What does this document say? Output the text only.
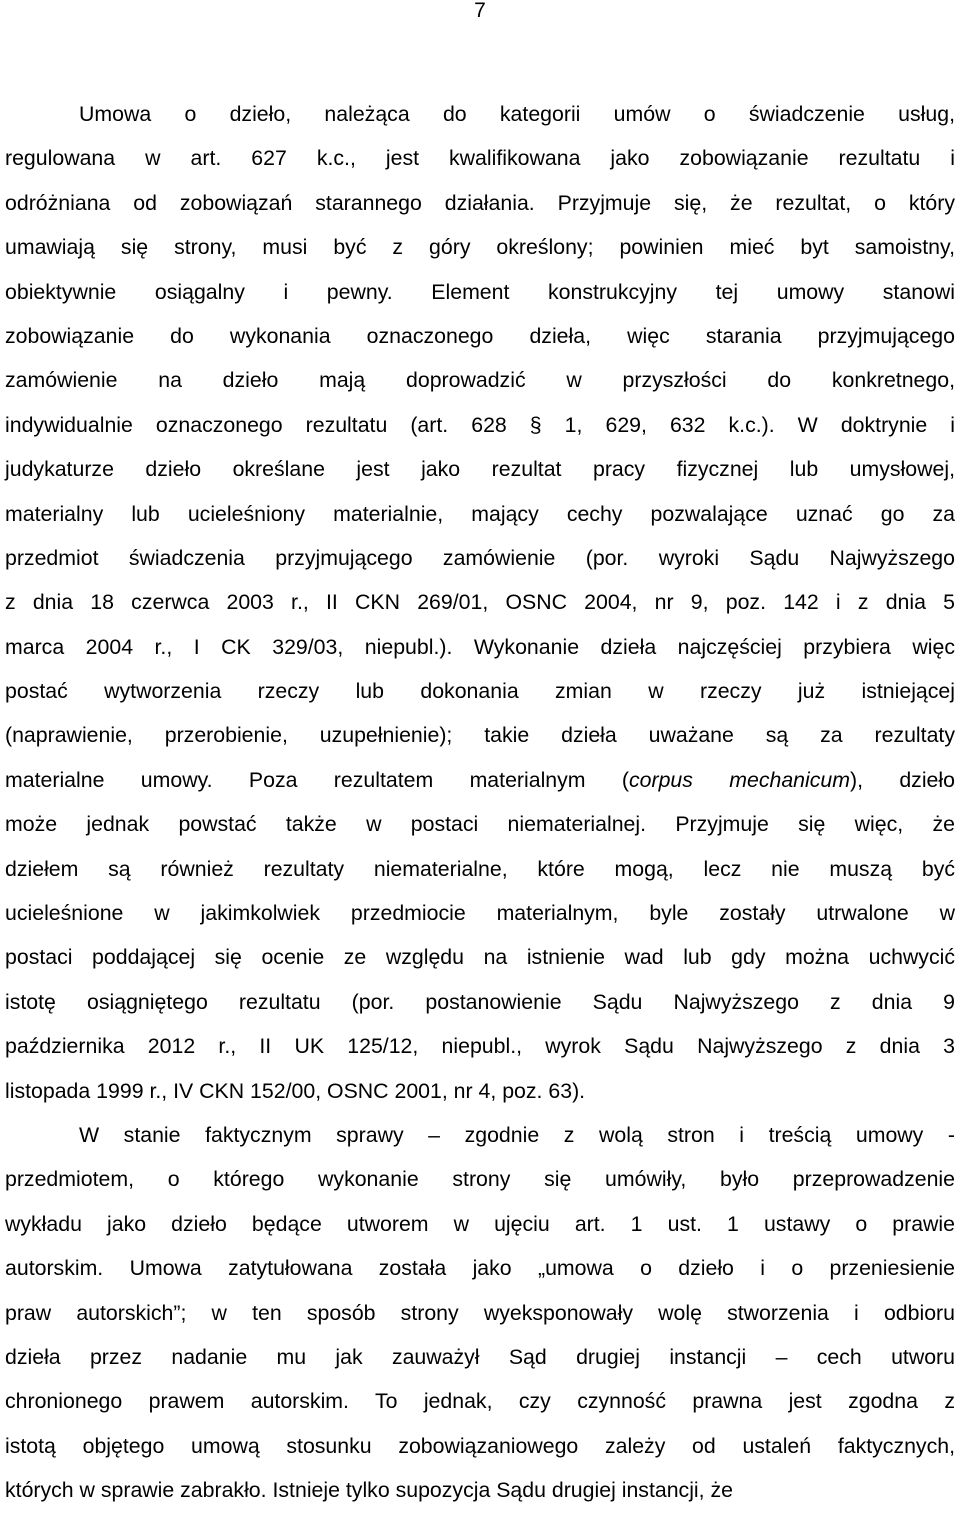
7
Umowa o dzieło, należąca do kategorii umów o świadczenie usług,
regulowana w art. 627 k.c., jest kwalifikowana jako zobowiązanie rezultatu i
odróżniana od zobowiązań starannego działania. Przyjmuje się, że rezultat, o który
umawiają się strony, musi być z góry określony; powinien mieć byt samoistny,
obiektywnie osiągalny i pewny. Element konstrukcyjny tej umowy stanowi
zobowiązanie do wykonania oznaczonego dzieła, więc starania przyjmującego
zamówienie na dzieło mają doprowadzić w przyszłości do konkretnego,
indywidualnie oznaczonego rezultatu (art. 628 § 1, 629, 632 k.c.). W doktrynie i
judykaturze dzieło określane jest jako rezultat pracy fizycznej lub umysłowej,
materialny lub ucieleśniony materialnie, mający cechy pozwalające uznać go za
przedmiot świadczenia przyjmującego zamówienie (por. wyroki Sądu Najwyższego
z dnia 18 czerwca 2003 r., II CKN 269/01, OSNC 2004, nr 9, poz. 142 i z dnia 5
marca 2004 r., I CK 329/03, niepubl.). Wykonanie dzieła najczęściej przybiera więc
postać wytworzenia rzeczy lub dokonania zmian w rzeczy już istniejącej
(naprawienie, przerobienie, uzupełnienie); takie dzieła uważane są za rezultaty
materialne umowy. Poza rezultatem materialnym (corpus mechanicum), dzieło
może jednak powstać także w postaci niematerialnej. Przyjmuje się więc, że
dziełem są również rezultaty niematerialne, które mogą, lecz nie muszą być
ucieleśnione w jakimkolwiek przedmiocie materialnym, byle zostały utrwalone w
postaci poddającej się ocenie ze względu na istnienie wad lub gdy można uchwycić
istotę osiągniętego rezultatu (por. postanowienie Sądu Najwyższego z dnia 9
października 2012 r., II UK 125/12, niepubl., wyrok Sądu Najwyższego z dnia 3
listopada 1999 r., IV CKN 152/00, OSNC 2001, nr 4, poz. 63).
W stanie faktycznym sprawy – zgodnie z wolą stron i treścią umowy -
przedmiotem, o którego wykonanie strony się umówiły, było przeprowadzenie
wykładu jako dzieło będące utworem w ujęciu art. 1 ust. 1 ustawy o prawie
autorskim. Umowa zatytułowana została jako „umowa o dzieło i o przeniesienie
praw autorskich”; w ten sposób strony wyeksponowały wolę stworzenia i odbioru
dzieła przez nadanie mu jak zauważył Sąd drugiej instancji – cech utworu
chronionego prawem autorskim. To jednak, czy czynność prawna jest zgodna z
istotą objętego umową stosunku zobowiązaniowego zależy od ustaleń faktycznych,
których w sprawie zabrakło. Istnieje tylko supozycja Sądu drugiej instancji, że
